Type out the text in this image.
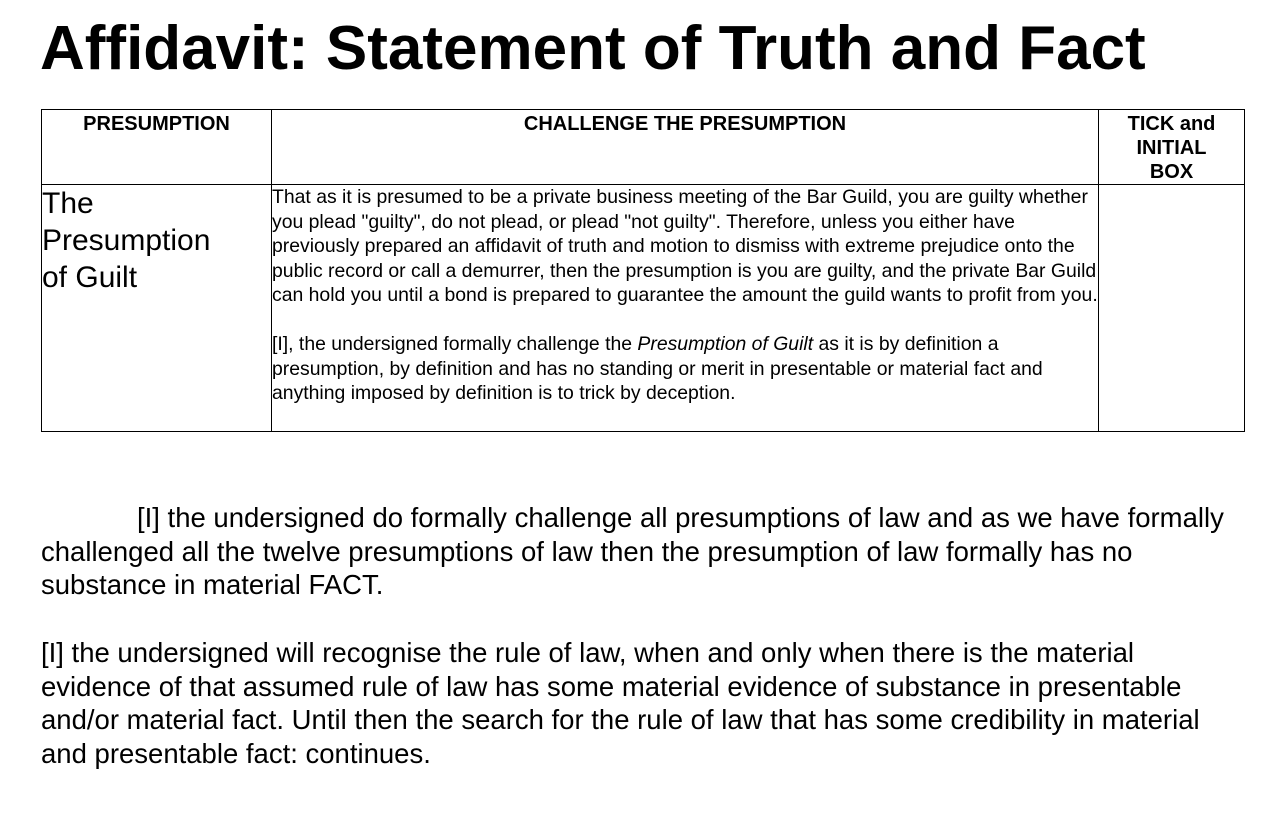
Affidavit: Statement of Truth and Fact
PRESUMPTION	CHALLENGE THE PRESUMPTION	TICK and INITIAL BOX
The Presumption of Guilt	That as it is presumed to be a private business meeting of the Bar Guild, you are guilty whether you plead "guilty", do not plead, or plead "not guilty". Therefore, unless you either have previously prepared an affidavit of truth and motion to dismiss with extreme prejudice onto the public record or call a demurrer, then the presumption is you are guilty, and the private Bar Guild can hold you until a bond is prepared to guarantee the amount the guild wants to profit from you.

[I], the undersigned formally challenge the Presumption of Guilt as it is by definition a presumption, by definition and has no standing or merit in presentable or material fact and anything imposed by definition is to trick by deception.	

[I] the undersigned do formally challenge all presumptions of law and as we have formally challenged all the twelve presumptions of law then the presumption of law formally has no substance in material FACT.

[I] the undersigned will recognise the rule of law, when and only when there is the material evidence of that assumed rule of law has some material evidence of substance in presentable and/or material fact. Until then the search for the rule of law that has some credibility in material and presentable fact: continues.
